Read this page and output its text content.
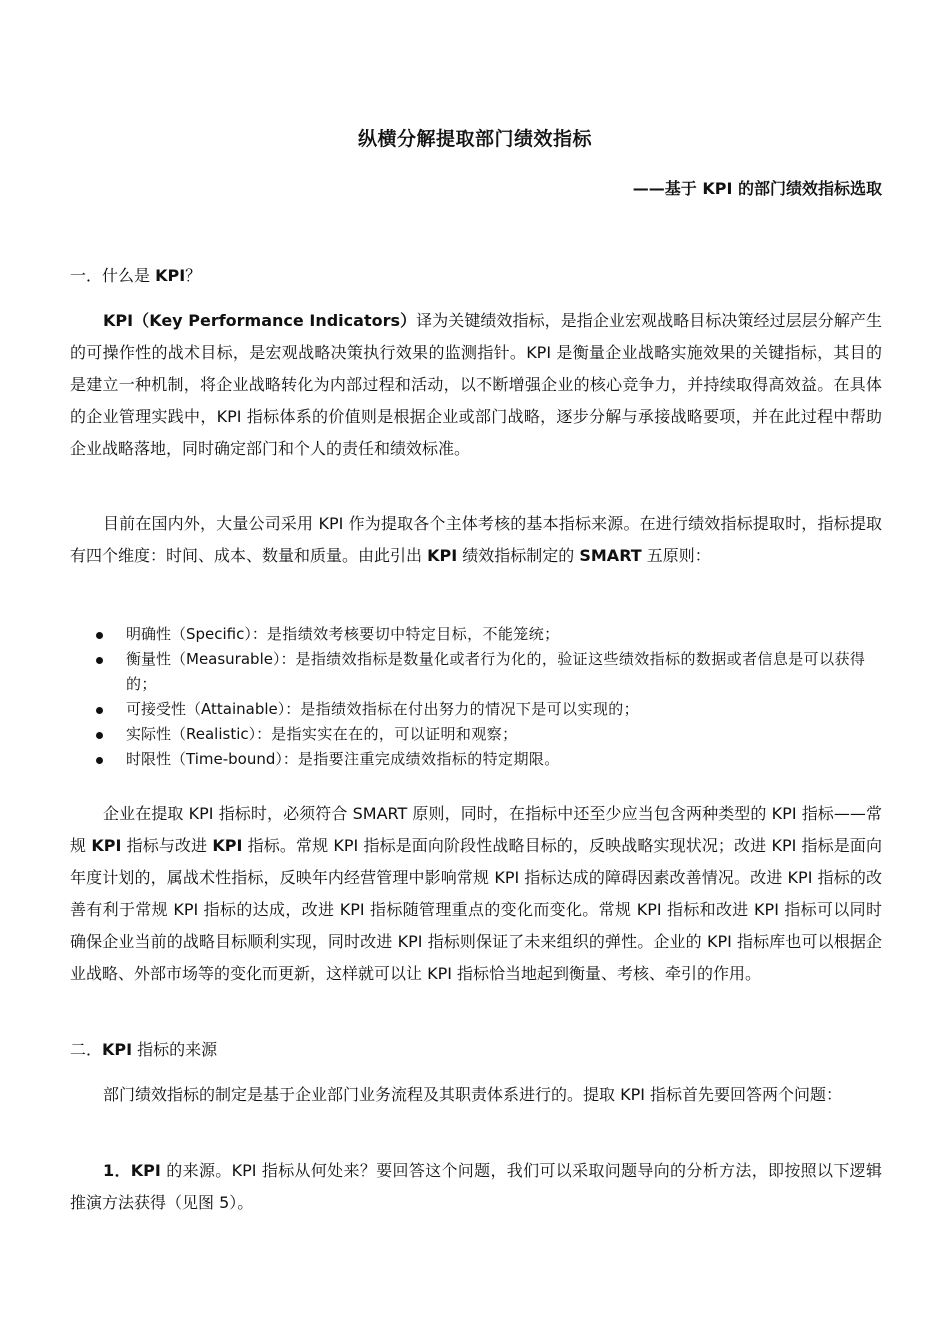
纵横分解提取部门绩效指标
——基于 KPI 的部门绩效指标选取
一．什么是 KPI？
KPI（Key Performance Indicators）译为关键绩效指标，是指企业宏观战略目标决策经过层层分解产生的可操作性的战术目标，是宏观战略决策执行效果的监测指针。KPI 是衡量企业战略实施效果的关键指标，其目的是建立一种机制，将企业战略转化为内部过程和活动，以不断增强企业的核心竞争力，并持续取得高效益。在具体的企业管理实践中，KPI 指标体系的价值则是根据企业或部门战略，逐步分解与承接战略要项，并在此过程中帮助企业战略落地，同时确定部门和个人的责任和绩效标准。
目前在国内外，大量公司采用 KPI 作为提取各个主体考核的基本指标来源。在进行绩效指标提取时，指标提取有四个维度：时间、成本、数量和质量。由此引出 KPI 绩效指标制定的 SMART 五原则：
明确性（Specific）：是指绩效考核要切中特定目标，不能笼统；
衡量性（Measurable）：是指绩效指标是数量化或者行为化的，验证这些绩效指标的数据或者信息是可以获得的；
可接受性（Attainable）：是指绩效指标在付出努力的情况下是可以实现的；
实际性（Realistic）：是指实实在在的，可以证明和观察；
时限性（Time-bound）：是指要注重完成绩效指标的特定期限。
企业在提取 KPI 指标时，必须符合 SMART 原则，同时，在指标中还至少应当包含两种类型的 KPI 指标——常规 KPI 指标与改进 KPI 指标。常规 KPI 指标是面向阶段性战略目标的，反映战略实现状况；改进 KPI 指标是面向年度计划的，属战术性指标，反映年内经营管理中影响常规 KPI 指标达成的障碍因素改善情况。改进 KPI 指标的改善有利于常规 KPI 指标的达成，改进 KPI 指标随管理重点的变化而变化。常规 KPI 指标和改进 KPI 指标可以同时确保企业当前的战略目标顺利实现，同时改进 KPI 指标则保证了未来组织的弹性。企业的 KPI 指标库也可以根据企业战略、外部市场等的变化而更新，这样就可以让 KPI 指标恰当地起到衡量、考核、牵引的作用。
二．KPI 指标的来源
部门绩效指标的制定是基于企业部门业务流程及其职责体系进行的。提取 KPI 指标首先要回答两个问题：
1．KPI 的来源。KPI 指标从何处来？要回答这个问题，我们可以采取问题导向的分析方法，即按照以下逻辑推演方法获得（见图 5）。
